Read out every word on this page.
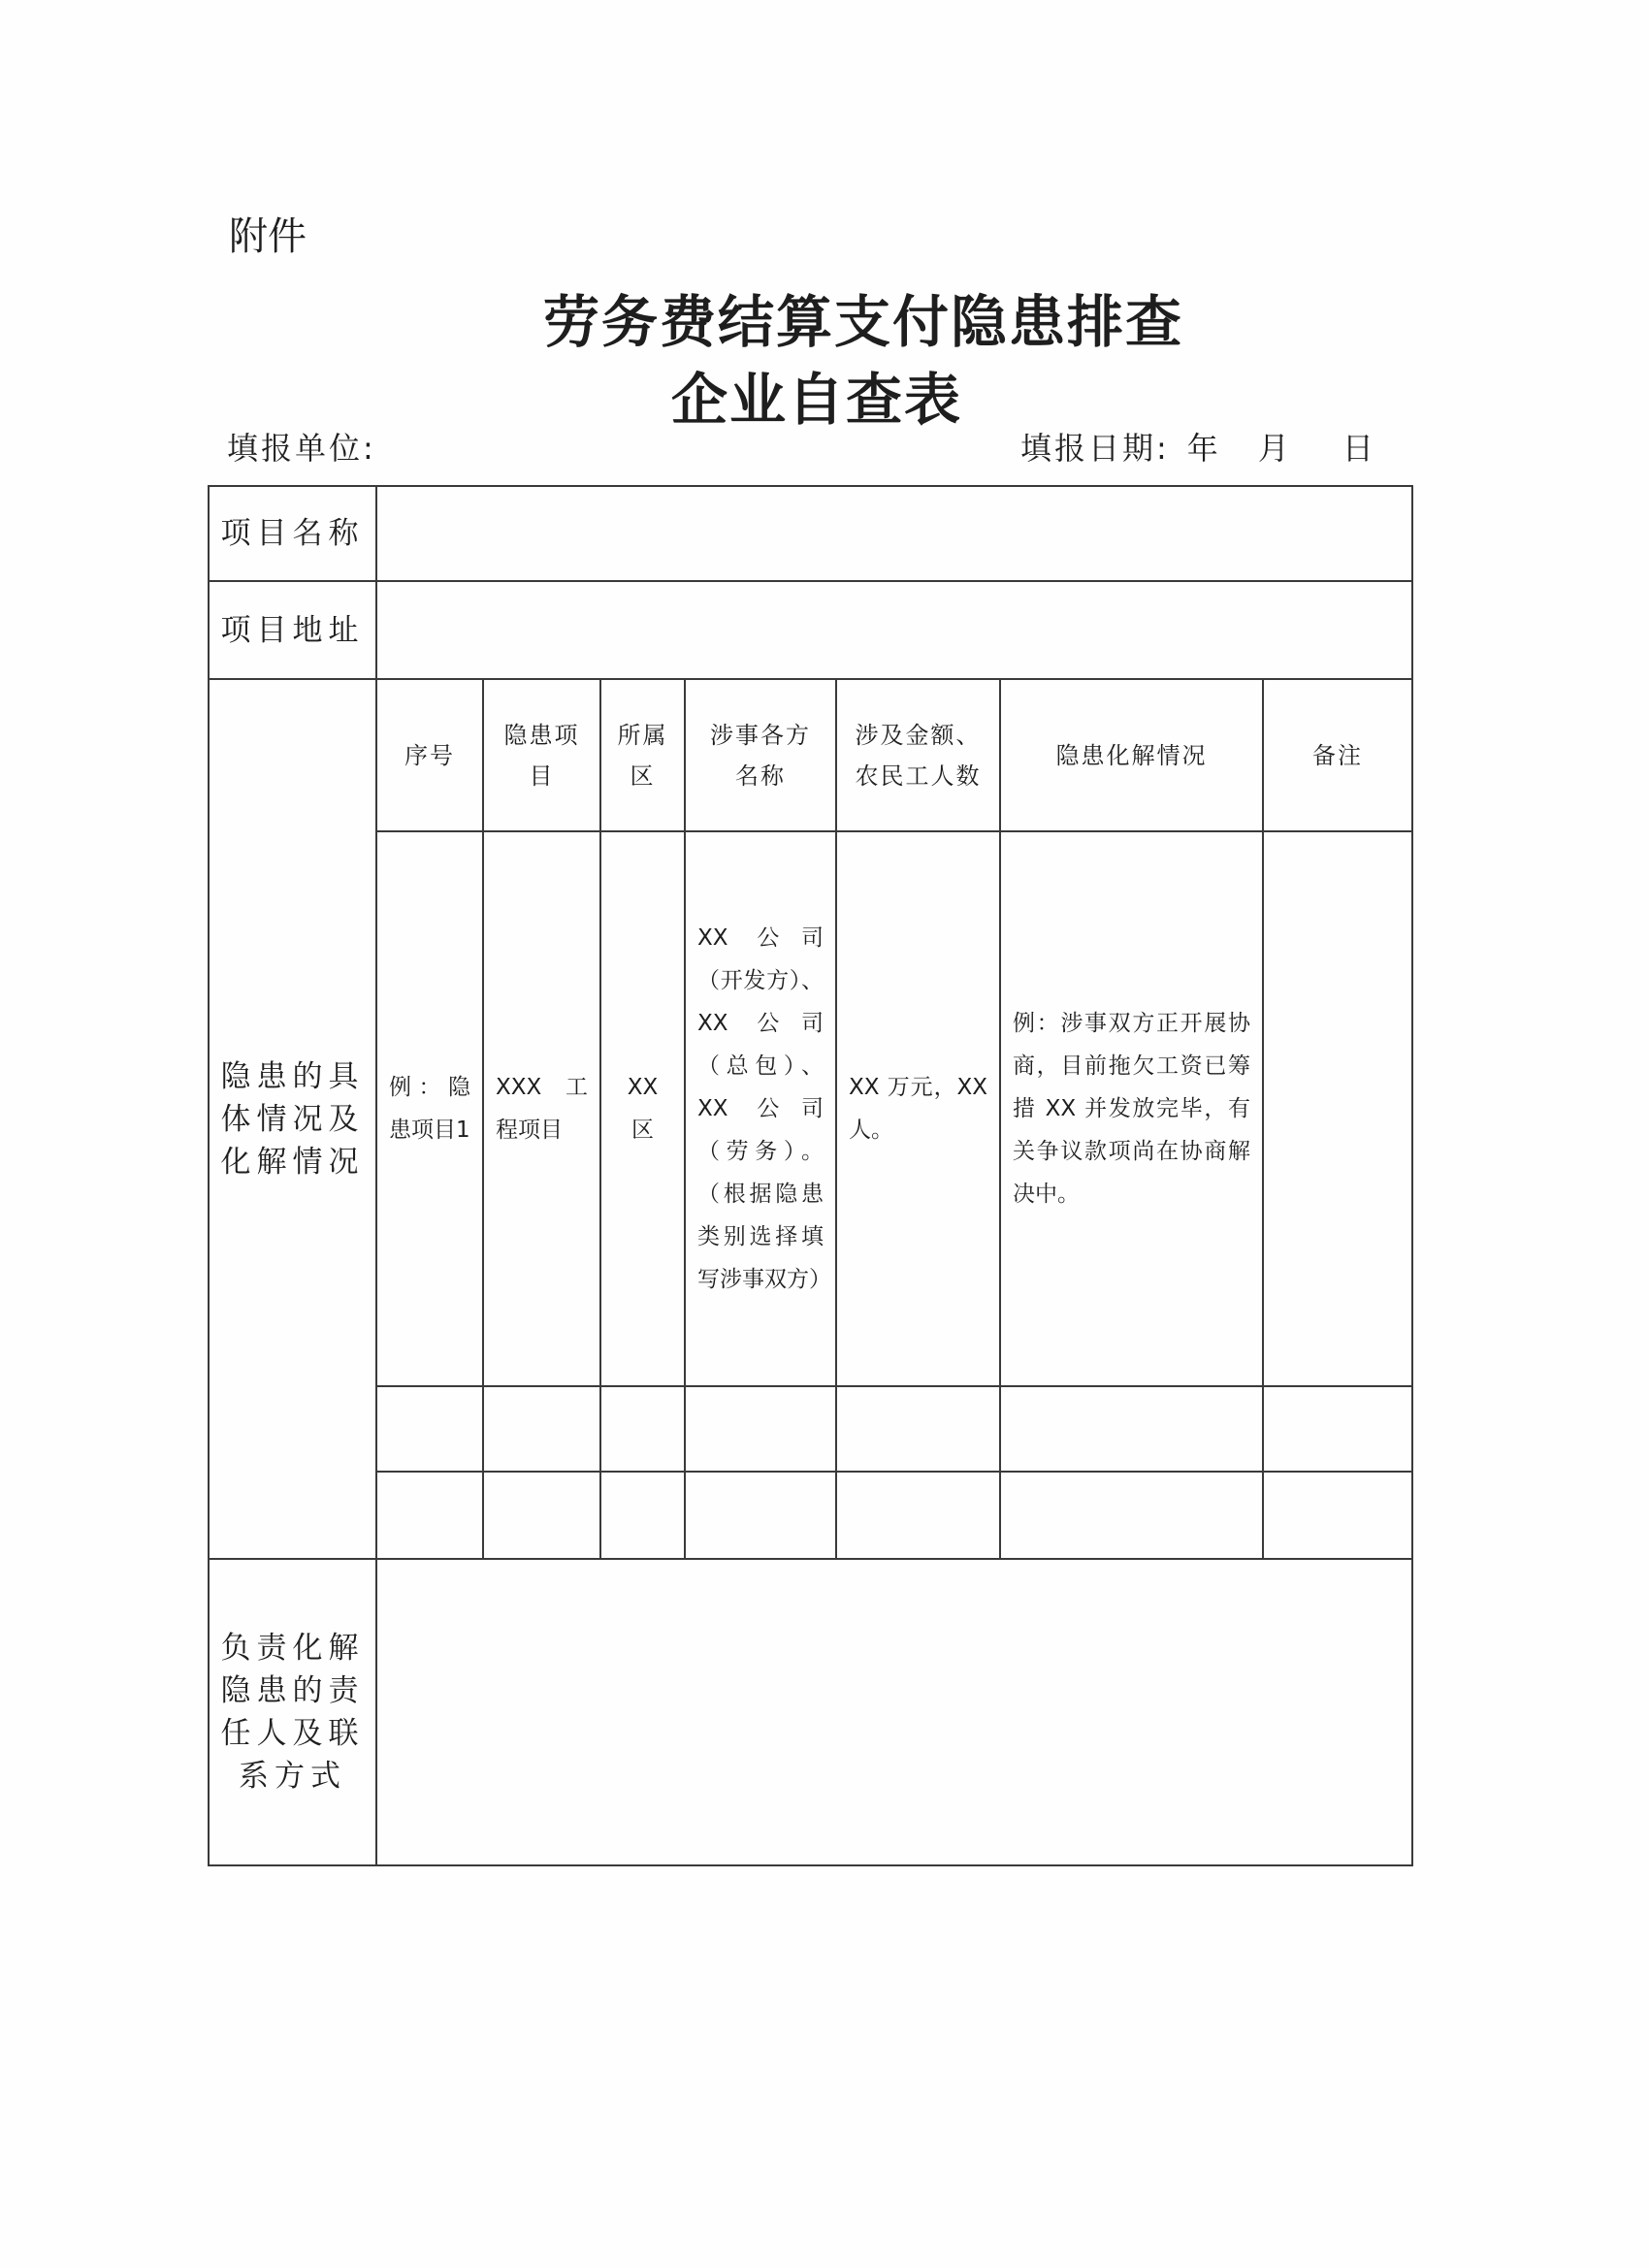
附件
劳务费结算支付隐患排查
企业自查表
填报单位:	填报日期: 年 月 日
项目名称							
项目地址							
隐患的具体情况及化解情况	序号	隐患项目	所属区	涉事各方名称	涉及金额、农民工人数	隐患化解情况	备注

	例：隐患项目1	XXX 工程项目	XX 区	XX 公司（开发方）、 XX 公司（总包）、XX 公司（劳务）。（根据隐患类别选择填写涉事双方）	XX 万元，XX 人。	例：涉事双方正开展协商，目前拖欠工资已筹措 XX 并发放完毕，有关争议款项尚在协商解决中。	

负责化解隐患的责任人及联系方式							
